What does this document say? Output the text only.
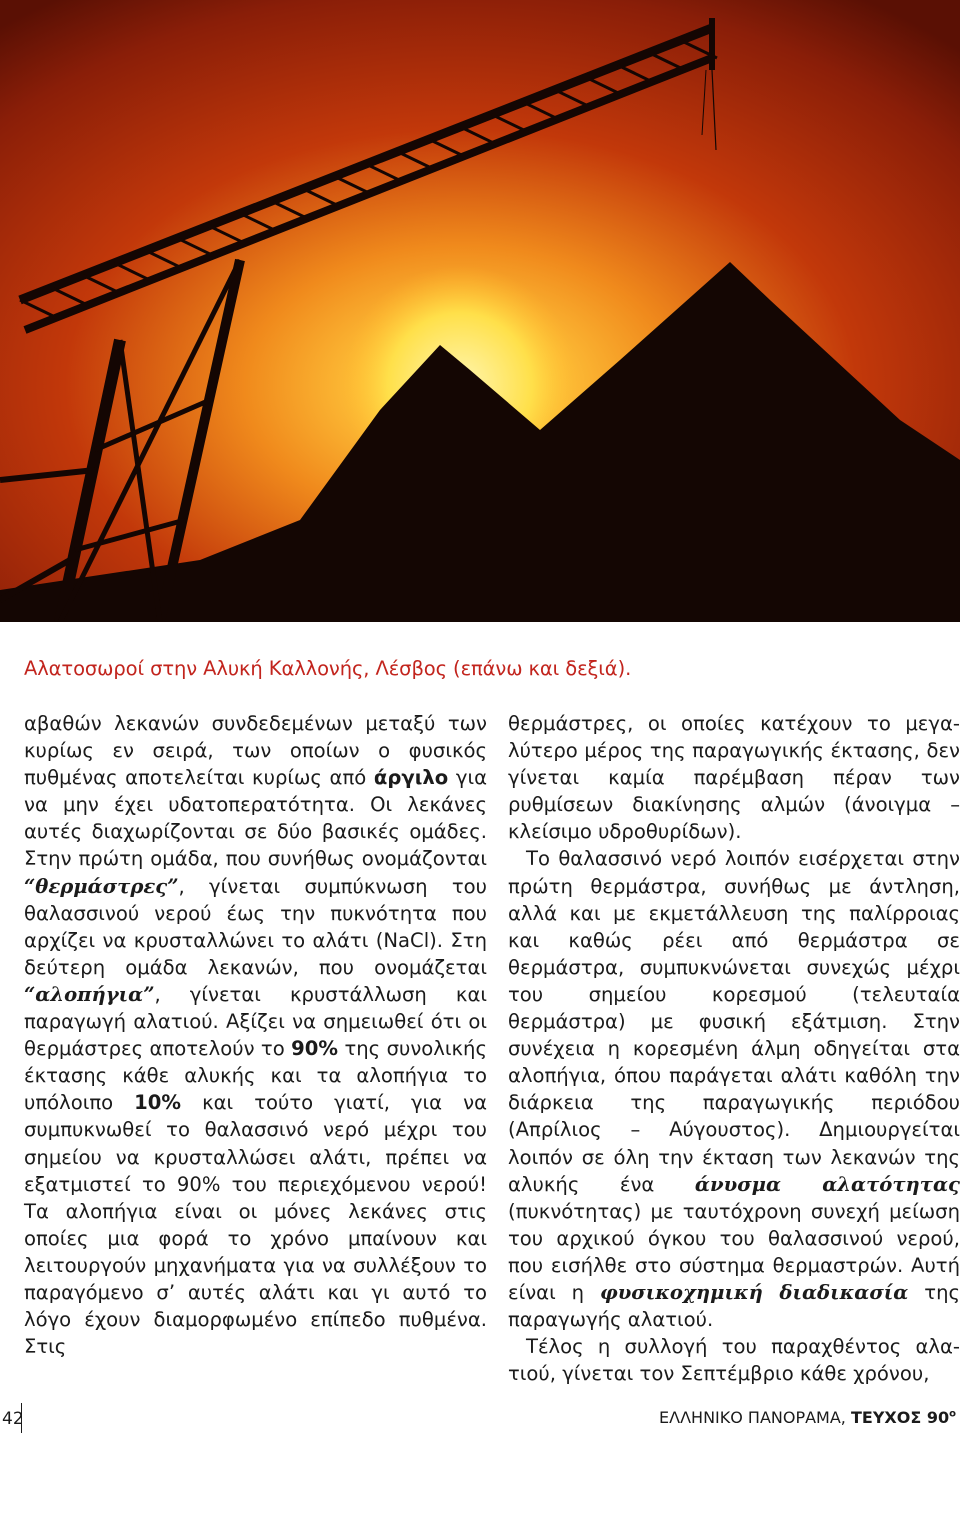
Αλατοσωροί στην Αλυκή Καλλονής, Λέσβος (επάνω και δεξιά).

αβαθών λεκανών συνδεδεμένων μεταξύ των κυρίως εν σειρά, των οποίων ο φυσικός πυθμένας αποτελείται κυρίως από άργιλο για να μην έχει υδατοπερατότητα. Οι λεκάνες αυτές διαχωρίζονται σε δύο βασικές ομάδες. Στην πρώτη ομάδα, που συνήθως ονομάζονται “θερμάστρες”, γίνεται συμπύκνωση του θαλασσινού νερού έως την πυκνότητα που αρχίζει να κρυσταλλώνει το αλάτι (NaCl). Στη δεύτερη ομάδα λεκανών, που ονομάζεται “αλοπήγια”, γίνεται κρυστάλλωση και παραγωγή αλατιού. Αξίζει να σημειωθεί ότι οι θερμάστρες αποτελούν το 90% της συνολικής έκτασης κάθε αλυκής και τα αλοπήγια το υπόλοιπο 10% και τούτο γιατί, για να συμπυκνωθεί το θαλασσινό νερό μέχρι του σημείου να κρυσταλλώσει αλάτι, πρέπει να εξατμιστεί το 90% του περιεχόμενου νερού! Τα αλοπήγια είναι οι μόνες λεκάνες στις οποίες μια φορά το χρόνο μπαίνουν και λειτουργούν μηχανήματα για να συλλέξουν το παραγόμενο σ’ αυτές αλάτι και γι αυτό το λόγο έχουν διαμορφωμένο επίπεδο πυθμένα. Στις

θερμάστρες, οι οποίες κατέχουν το μεγαλύτερο μέρος της παραγωγικής έκτασης, δεν γίνεται καμία παρέμβαση πέραν των ρυθμίσεων διακίνησης αλμών (άνοιγμα – κλείσιμο υδροθυρίδων).

Το θαλασσινό νερό λοιπόν εισέρχεται στην πρώτη θερμάστρα, συνήθως με άντληση, αλλά και με εκμετάλλευση της παλίρροιας και καθώς ρέει από θερμάστρα σε θερμάστρα, συμπυκνώνεται συνεχώς μέχρι του σημείου κορεσμού (τελευταία θερμάστρα) με φυσική εξάτμιση. Στην συνέχεια η κορεσμένη άλμη οδηγείται στα αλοπήγια, όπου παράγεται αλάτι καθόλη την διάρκεια της παραγωγικής περιόδου (Απρίλιος – Αύγουστος). Δημιουργείται λοιπόν σε όλη την έκταση των λεκανών της αλυκής ένα άνυσμα αλατότητας (πυκνότητας) με ταυτόχρονη συνεχή μείωση του αρχικού όγκου του θαλασσινού νερού, που εισήλθε στο σύστημα θερμαστρών. Αυτή είναι η φυσικοχημική διαδικασία της παραγωγής αλατιού.

Τέλος η συλλογή του παραχθέντος αλατιού, γίνεται τον Σεπτέμβριο κάθε χρόνου,

42	ΕΛΛΗΝΙΚΟ ΠΑΝΟΡΑΜΑ, ΤΕΥΧΟΣ $90^o$
